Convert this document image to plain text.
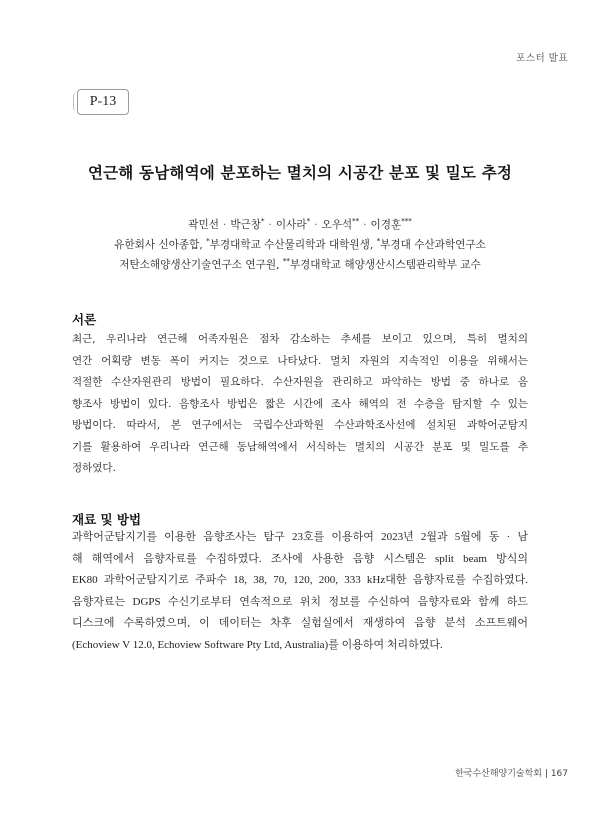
포스터 발표
P-13
연근해 동남해역에 분포하는 멸치의 시공간 분포 및 밀도 추정
곽민선 · 박근창* · 이사라* · 오우석** · 이경훈***
유한회사 신아종합, *부경대학교 수산물리학과 대학원생, *부경대 수산과학연구소
저탄소해양생산기술연구소 연구원, **부경대학교 해양생산시스템관리학부 교수
서론
최근, 우리나라 연근해 어족자원은 점차 감소하는 추세를 보이고 있으며, 특히 멸치의
연간 어획량 변동 폭이 커지는 것으로 나타났다. 멸치 자원의 지속적인 이용을 위해서는
적절한 수산자원관리 방법이 필요하다. 수산자원을 관리하고 파악하는 방법 중 하나로 음
향조사 방법이 있다. 음향조사 방법은 짧은 시간에 조사 해역의 전 수층을 탐지할 수 있는
방법이다. 따라서, 본 연구에서는 국립수산과학원 수산과학조사선에 설치된 과학어군탐지
기를 활용하여 우리나라 연근해 동남해역에서 서식하는 멸치의 시공간 분포 및 밀도를 추
정하였다.
재료 및 방법
과학어군탐지기를 이용한 음향조사는 탐구 23호를 이용하여 2023년 2월과 5월에 동 · 남
해 해역에서 음향자료를 수집하였다. 조사에 사용한 음향 시스템은 split beam 방식의
EK80 과학어군탐지기로 주파수 18, 38, 70, 120, 200, 333 kHz대한 음향자료를 수집하였다.
음향자료는 DGPS 수신기로부터 연속적으로 위치 정보를 수신하여 음향자료와 함께 하드
디스크에 수록하였으며, 이 데이터는 차후 실험실에서 재생하여 음향 분석 소프트웨어
(Echoview V 12.0, Echoview Software Pty Ltd, Australia)를 이용하여 처리하였다.
한국수산해양기술학회 | 167
